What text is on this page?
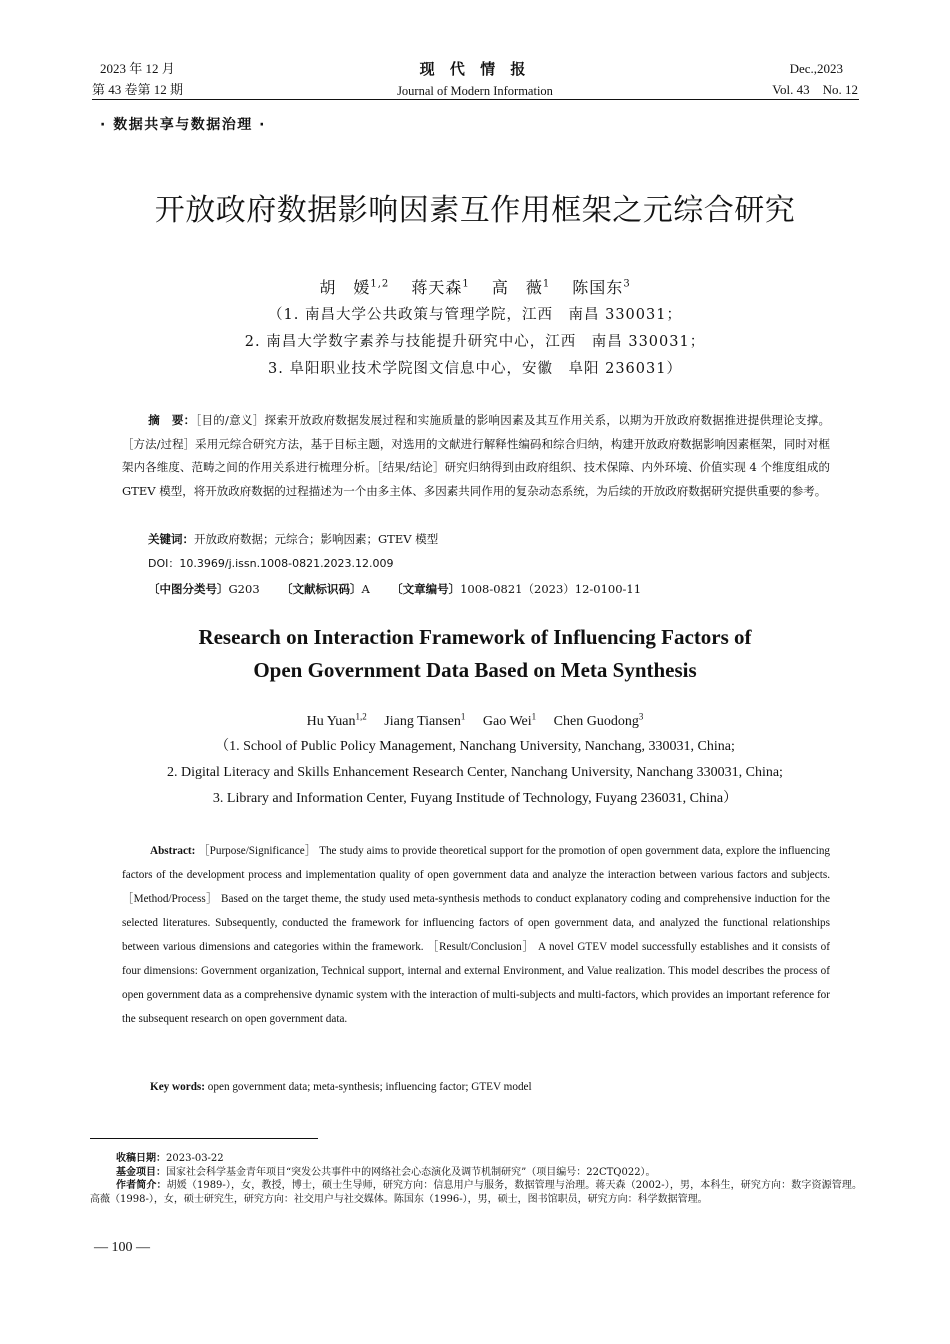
2023 年 12 月
第 43 卷第 12 期
现 代 情 报
Journal of Modern Information
Dec.,2023
Vol. 43　No. 12
· 数据共享与数据治理 ·
开放政府数据影响因素互作用框架之元综合研究
胡　媛$^{1,2}$ 蒋天森$^1$ 高　薇$^1$ 陈国东$^3$
（1. 南昌大学公共政策与管理学院，江西　南昌 330031；
2. 南昌大学数字素养与技能提升研究中心，江西　南昌 330031；
3. 阜阳职业技术学院图文信息中心，安徽　阜阳 236031）
摘　要：［目的/意义］探索开放政府数据发展过程和实施质量的影响因素及其互作用关系，以期为开放政府数据推进提供理论支撑。［方法/过程］采用元综合研究方法，基于目标主题，对选用的文献进行解释性编码和综合归纳，构建开放政府数据影响因素框架，同时对框架内各维度、范畴之间的作用关系进行梳理分析。［结果/结论］研究归纳得到由政府组织、技术保障、内外环境、价值实现 4 个维度组成的 GTEV 模型，将开放政府数据的过程描述为一个由多主体、多因素共同作用的复杂动态系统，为后续的开放政府数据研究提供重要的参考。
关键词：开放政府数据；元综合；影响因素；GTEV 模型
DOI：10.3969/j.issn.1008-0821.2023.12.009
〔中图分类号〕G203 〔文献标识码〕A 〔文章编号〕1008-0821（2023）12-0100-11
Research on Interaction Framework of Influencing Factors of
Open Government Data Based on Meta Synthesis
Hu Yuan$^{1,2}$ Jiang Tiansen$^1$ Gao Wei$^1$ Chen Guodong$^3$
（1. School of Public Policy Management, Nanchang University, Nanchang, 330031, China;
2. Digital Literacy and Skills Enhancement Research Center, Nanchang University, Nanchang 330031, China;
3. Library and Information Center, Fuyang Institude of Technology, Fuyang 236031, China）
Abstract: ［Purpose/Significance］ The study aims to provide theoretical support for the promotion of open government data, explore the influencing factors of the development process and implementation quality of open government data and analyze the interaction between various factors and subjects. ［Method/Process］ Based on the target theme, the study used meta-synthesis methods to conduct explanatory coding and comprehensive induction for the selected literatures. Subsequently, conducted the framework for influencing factors of open government data, and analyzed the functional relationships between various dimensions and categories within the framework. ［Result/Conclusion］ A novel GTEV model successfully establishes and it consists of four dimensions: Government organization, Technical support, internal and external Environment, and Value realization. This model describes the process of open government data as a comprehensive dynamic system with the interaction of multi-subjects and multi-factors, which provides an important reference for the subsequent research on open government data.
Key words: open government data; meta-synthesis; influencing factor; GTEV model
收稿日期：2023-03-22
基金项目：国家社会科学基金青年项目“突发公共事件中的网络社会心态演化及调节机制研究”（项目编号：22CTQ022）。
作者简介：胡媛（1989-），女，教授，博士，硕士生导师，研究方向：信息用户与服务，数据管理与治理。蒋天森（2002-），男，本科生，研究方向：数字资源管理。高薇（1998-），女，硕士研究生，研究方向：社交用户与社交媒体。陈国东（1996-），男，硕士，图书馆职员，研究方向：科学数据管理。
— 100 —
